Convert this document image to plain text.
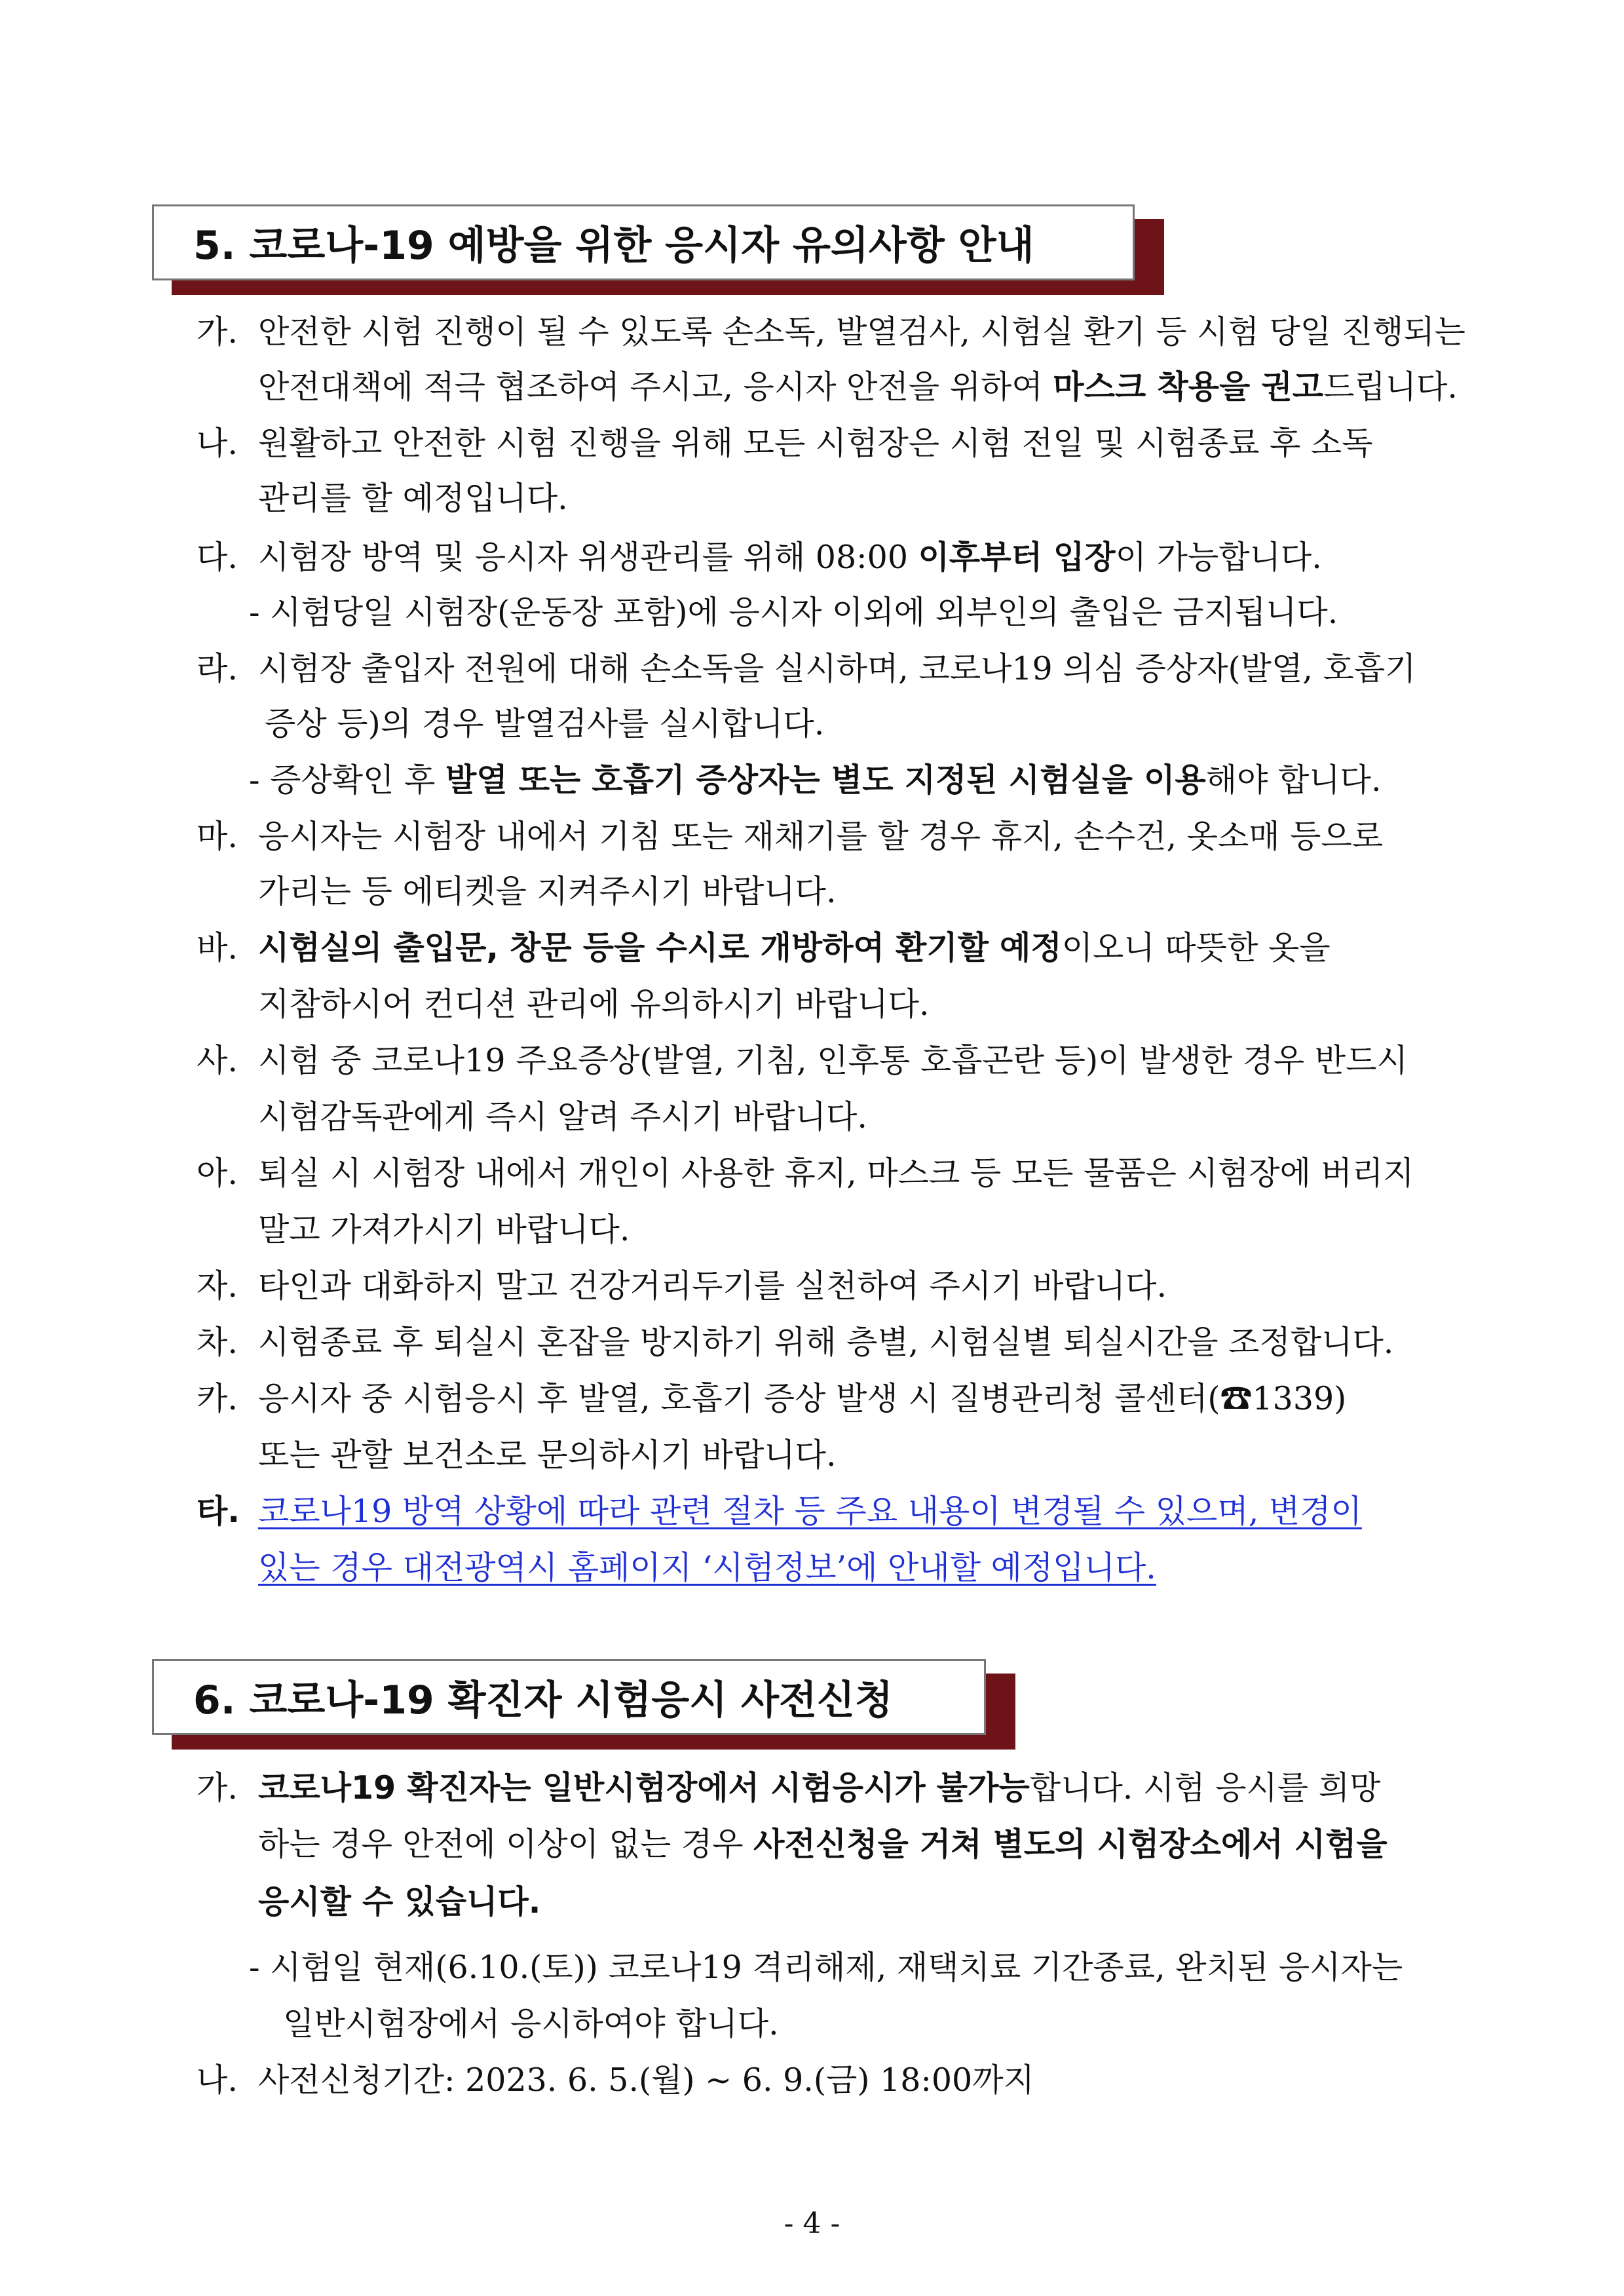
5. 코로나-19 예방을 위한 응시자 유의사항 안내
가. 안전한 시험 진행이 될 수 있도록 손소독, 발열검사, 시험실 환기 등 시험 당일 진행되는
안전대책에 적극 협조하여 주시고, 응시자 안전을 위하여 마스크 착용을 권고드립니다.
나. 원활하고 안전한 시험 진행을 위해 모든 시험장은 시험 전일 및 시험종료 후 소독
관리를 할 예정입니다.
다. 시험장 방역 및 응시자 위생관리를 위해 08:00 이후부터 입장이 가능합니다.
- 시험당일 시험장(운동장 포함)에 응시자 이외에 외부인의 출입은 금지됩니다.
라. 시험장 출입자 전원에 대해 손소독을 실시하며, 코로나19 의심 증상자(발열, 호흡기
증상 등)의 경우 발열검사를 실시합니다.
- 증상확인 후 발열 또는 호흡기 증상자는 별도 지정된 시험실을 이용해야 합니다.
마. 응시자는 시험장 내에서 기침 또는 재채기를 할 경우 휴지, 손수건, 옷소매 등으로
가리는 등 에티켓을 지켜주시기 바랍니다.
바. 시험실의 출입문, 창문 등을 수시로 개방하여 환기할 예정이오니 따뜻한 옷을
지참하시어 컨디션 관리에 유의하시기 바랍니다.
사. 시험 중 코로나19 주요증상(발열, 기침, 인후통 호흡곤란 등)이 발생한 경우 반드시
시험감독관에게 즉시 알려 주시기 바랍니다.
아. 퇴실 시 시험장 내에서 개인이 사용한 휴지, 마스크 등 모든 물품은 시험장에 버리지
말고 가져가시기 바랍니다.
자. 타인과 대화하지 말고 건강거리두기를 실천하여 주시기 바랍니다.
차. 시험종료 후 퇴실시 혼잡을 방지하기 위해 층별, 시험실별 퇴실시간을 조정합니다.
카. 응시자 중 시험응시 후 발열, 호흡기 증상 발생 시 질병관리청 콜센터(☎1339)
또는 관할 보건소로 문의하시기 바랍니다.
타. 코로나19 방역 상황에 따라 관련 절차 등 주요 내용이 변경될 수 있으며, 변경이
있는 경우 대전광역시 홈페이지 ‘시험정보’에 안내할 예정입니다.
6. 코로나-19 확진자 시험응시 사전신청
가. 코로나19 확진자는 일반시험장에서 시험응시가 불가능합니다. 시험 응시를 희망
하는 경우 안전에 이상이 없는 경우 사전신청을 거쳐 별도의 시험장소에서 시험을
응시할 수 있습니다.
- 시험일 현재(6.10.(토)) 코로나19 격리해제, 재택치료 기간종료, 완치된 응시자는
일반시험장에서 응시하여야 합니다.
나. 사전신청기간: 2023. 6. 5.(월) ~ 6. 9.(금) 18:00까지
- 4 -
